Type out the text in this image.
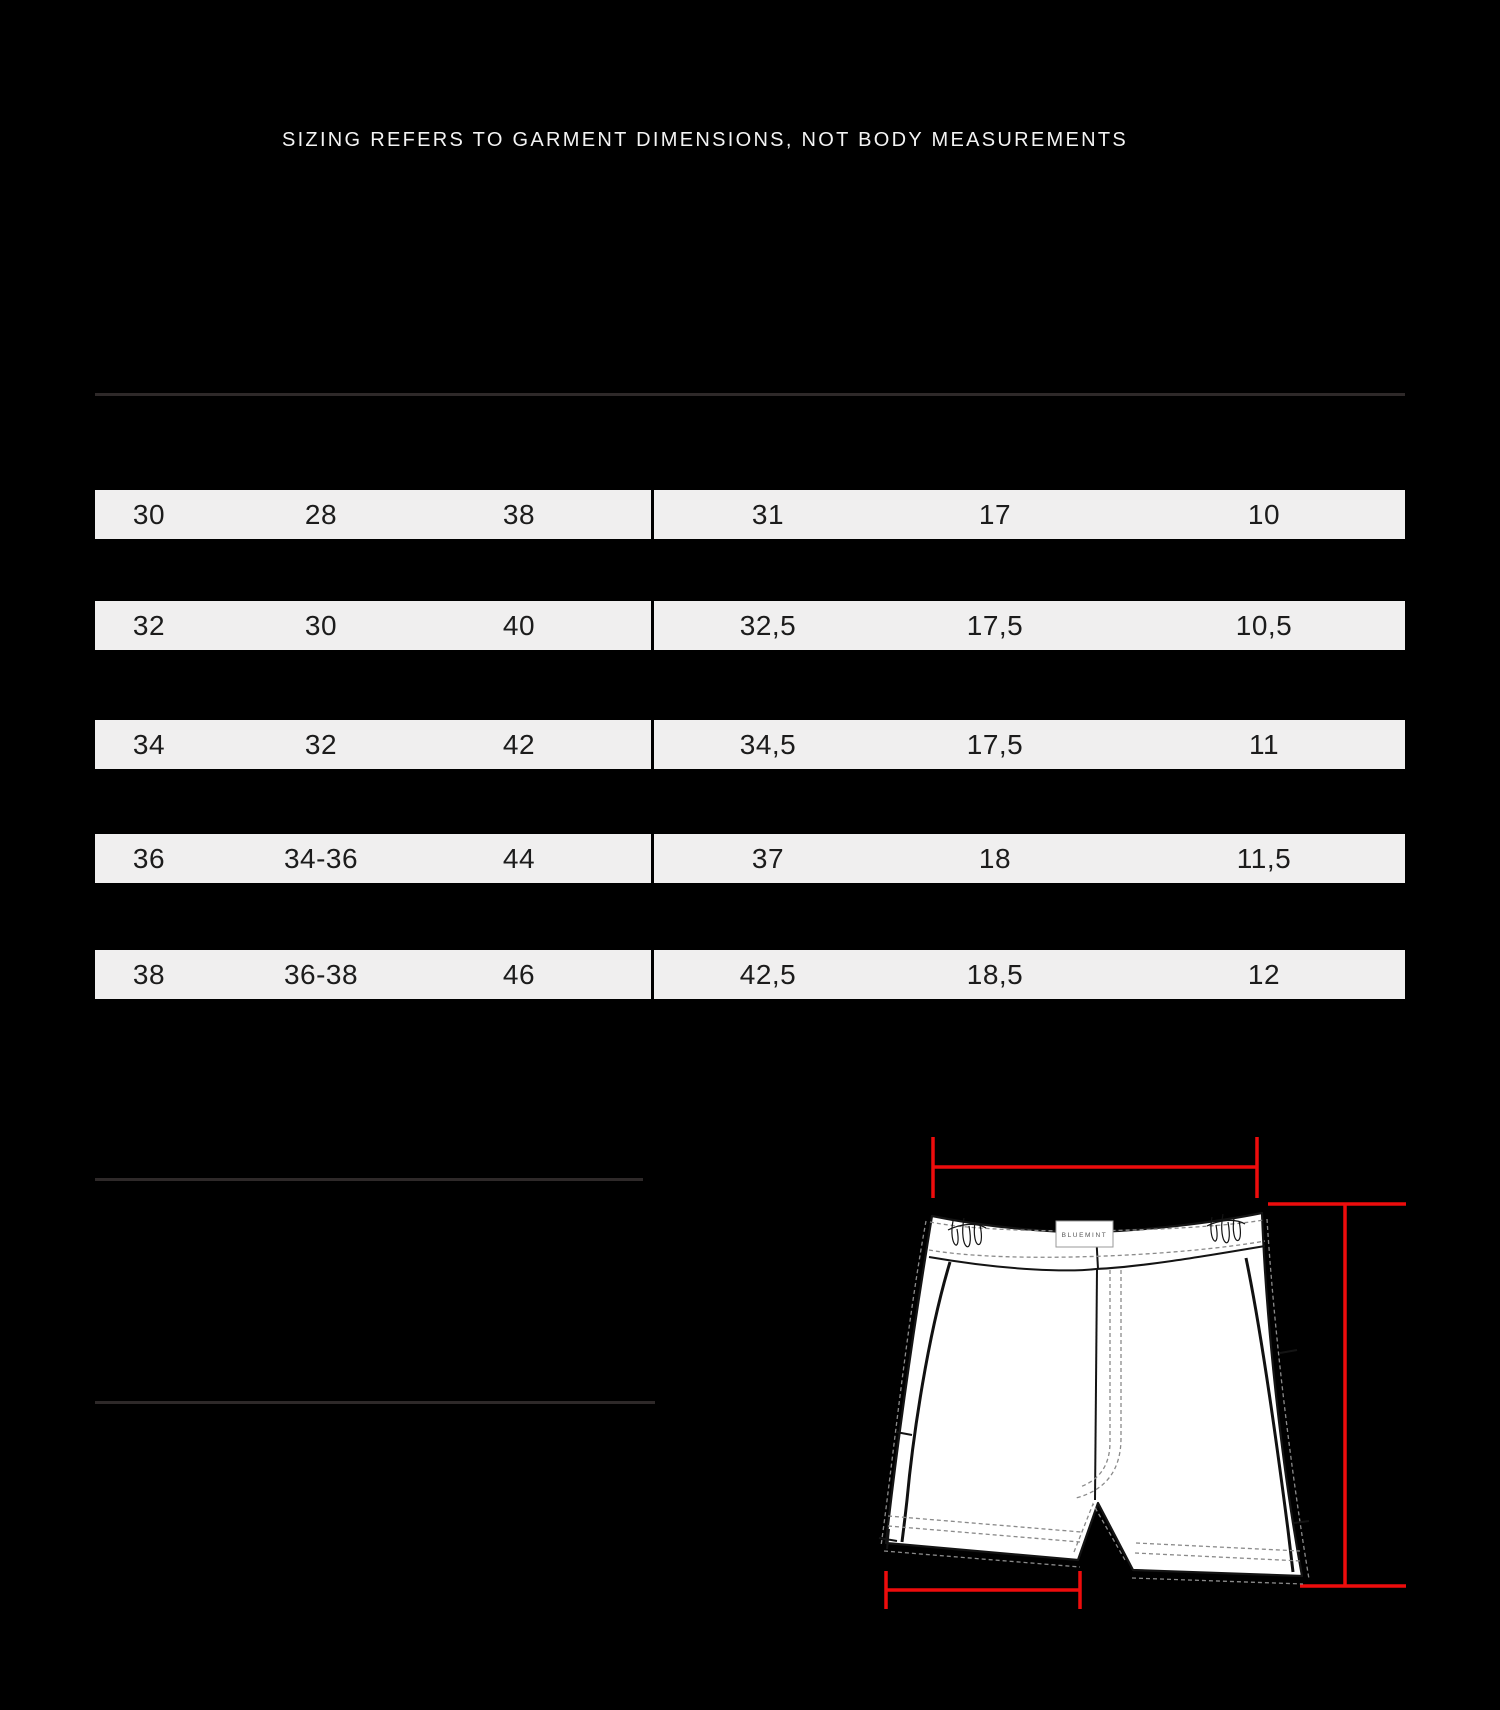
SIZING REFERS TO GARMENT DIMENSIONS, NOT BODY MEASUREMENTS
30	28	38	31	17	10
32	30	40	32,5	17,5	10,5
34	32	42	34,5	17,5	11
36	34-36	44	37	18	11,5
38	36-38	46	42,5	18,5	12
BLUEMINT
